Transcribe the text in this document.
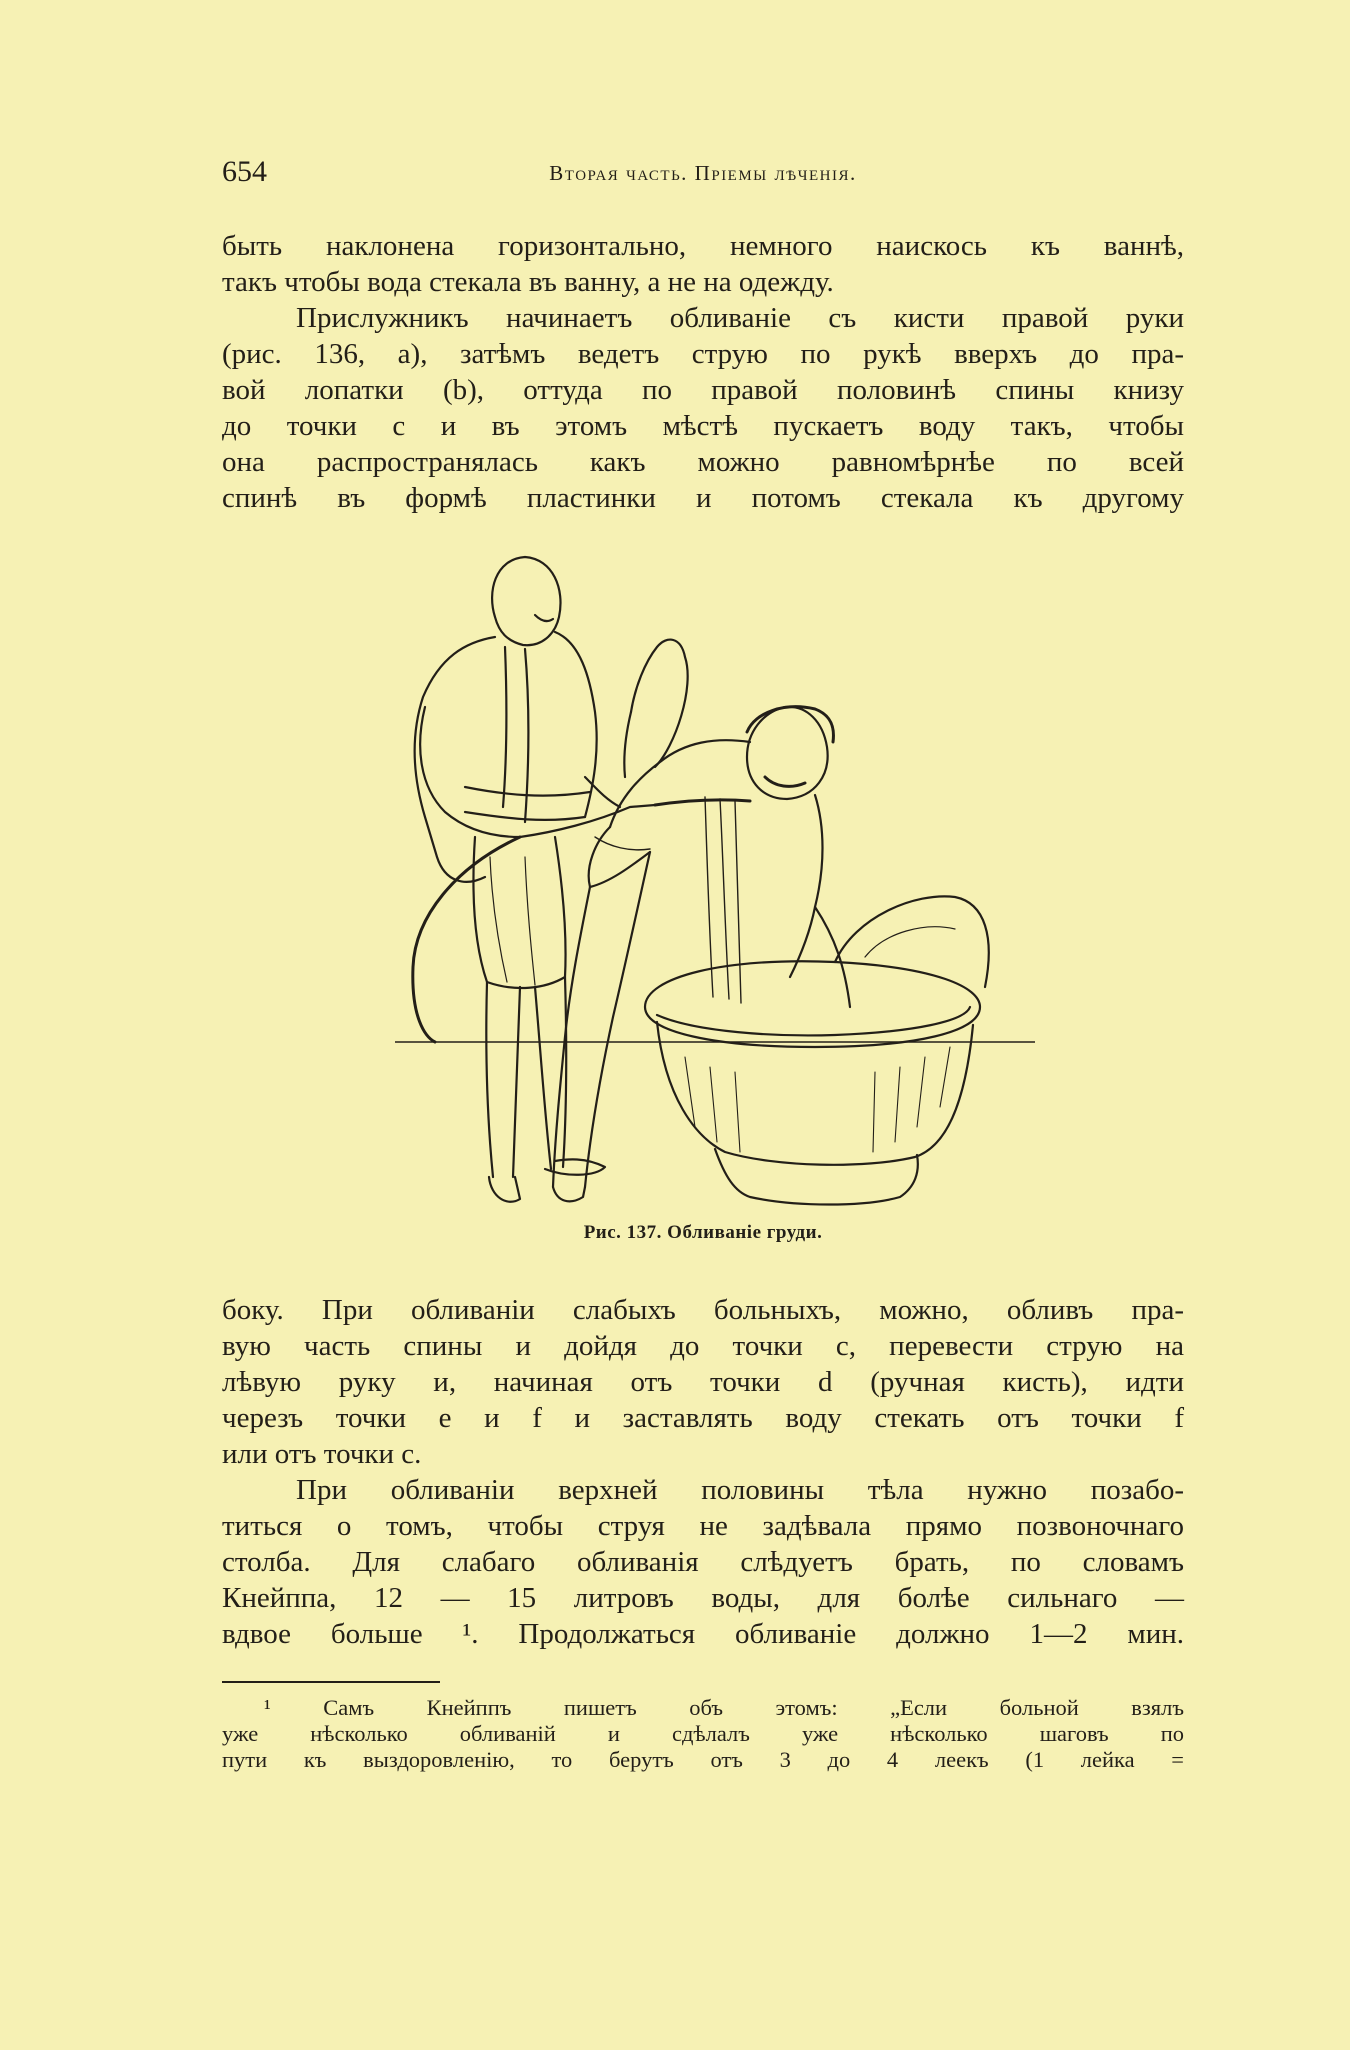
654	Вторая часть. Пріемы лѣченія.

быть наклонена горизонтально, немного наискось къ ваннѣ,

такъ чтобы вода стекала въ ванну, а не на одежду.

Прислужникъ начинаетъ обливаніе съ кисти правой руки

(рис. 136, a), затѣмъ ведетъ струю по рукѣ вверхъ до пра-

вой лопатки (b), оттуда по правой половинѣ спины книзу

до точки c и въ этомъ мѣстѣ пускаетъ воду такъ, чтобы

она распространялась какъ можно равномѣрнѣе по всей

спинѣ въ формѣ пластинки и потомъ стекала къ другому

Рис. 137. Обливаніе груди.

боку. При обливаніи слабыхъ больныхъ, можно, обливъ пра-

вую часть спины и дойдя до точки c, перевести струю на

лѣвую руку и, начиная отъ точки d (ручная кисть), идти

черезъ точки e и f и заставлять воду стекать отъ точки f

или отъ точки c.

При обливаніи верхней половины тѣла нужно позабо-

титься о томъ, чтобы струя не задѣвала прямо позвоночнаго

столба. Для слабаго обливанія слѣдуетъ брать, по словамъ

Кнейппа, 12 — 15 литровъ воды, для болѣе сильнаго —

вдвое больше ¹. Продолжаться обливаніе должно 1—2 мин.

¹ Самъ Кнейппъ пишетъ объ этомъ: „Если больной взялъ

уже нѣсколько обливаній и сдѣлалъ уже нѣсколько шаговъ по

пути къ выздоровленію, то берутъ отъ 3 до 4 леекъ (1 лейка =
